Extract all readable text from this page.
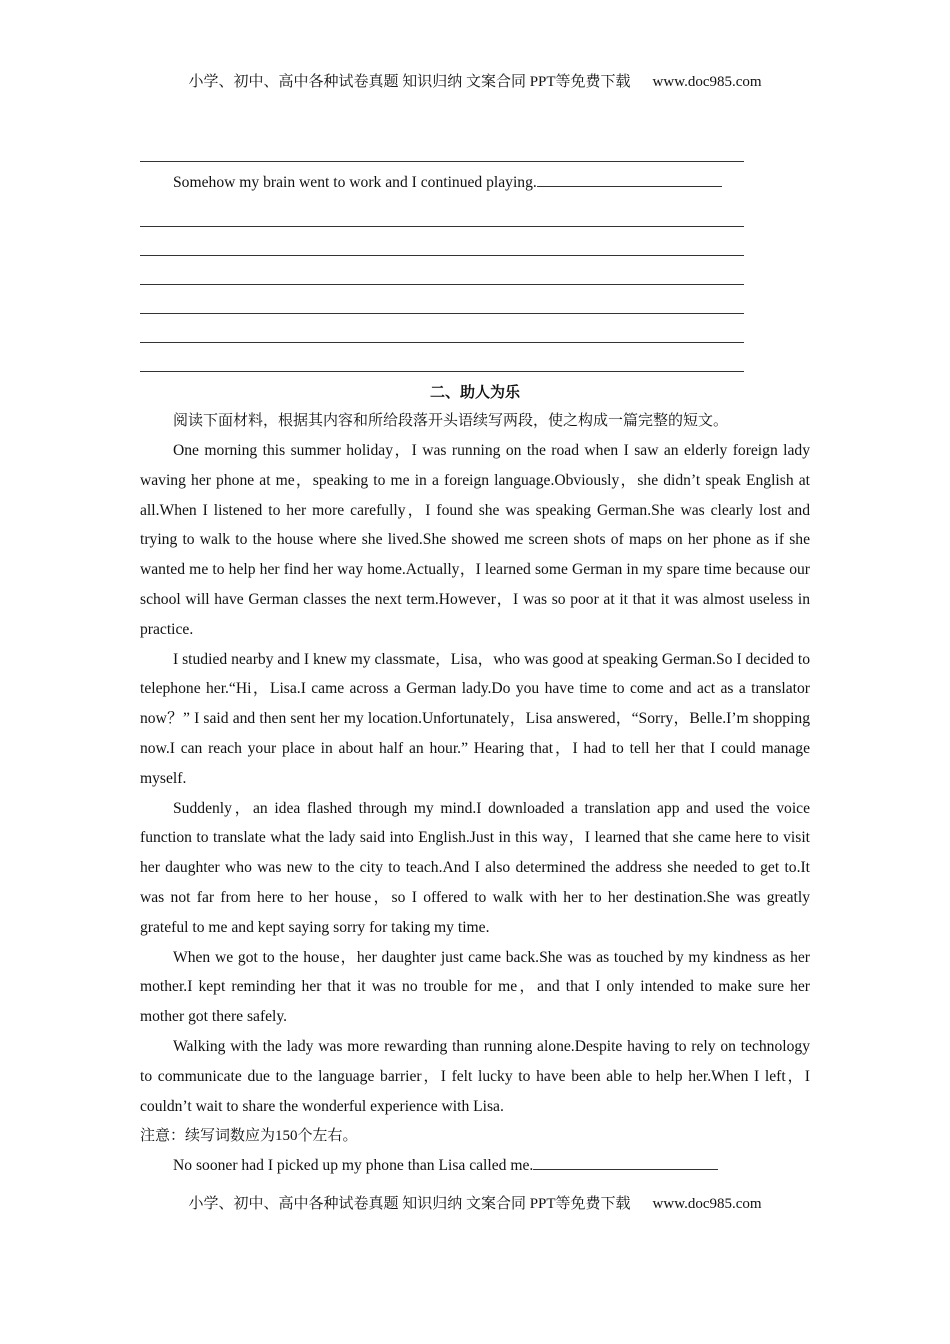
小学、初中、高中各种试卷真题 知识归纳 文案合同 PPT等免费下载 www.doc985.com

Somehow my brain went to work and I continued playing.

二、助人为乐

阅读下面材料，根据其内容和所给段落开头语续写两段，使之构成一篇完整的短文。

One morning this summer holiday，I was running on the road when I saw an elderly foreign lady waving her phone at me，speaking to me in a foreign language.Obviously，she didn’t speak English at all.When I listened to her more carefully，I found she was speaking German.She was clearly lost and trying to walk to the house where she lived.She showed me screen shots of maps on her phone as if she wanted me to help her find her way home.Actually，I learned some German in my spare time because our school will have German classes the next term.However，I was so poor at it that it was almost useless in practice.

I studied nearby and I knew my classmate，Lisa，who was good at speaking German.So I decided to telephone her.“Hi，Lisa.I came across a German lady.Do you have time to come and act as a translator now？” I said and then sent her my location.Unfortunately，Lisa answered，“Sorry，Belle.I’m shopping now.I can reach your place in about half an hour.” Hearing that，I had to tell her that I could manage myself.

Suddenly，an idea flashed through my mind.I downloaded a translation app and used the voice function to translate what the lady said into English.Just in this way，I learned that she came here to visit her daughter who was new to the city to teach.And I also determined the address she needed to get to.It was not far from here to her house，so I offered to walk with her to her destination.She was greatly grateful to me and kept saying sorry for taking my time.

When we got to the house，her daughter just came back.She was as touched by my kindness as her mother.I kept reminding her that it was no trouble for me，and that I only intended to make sure her mother got there safely.

Walking with the lady was more rewarding than running alone.Despite having to rely on technology to communicate due to the language barrier，I felt lucky to have been able to help her.When I left，I couldn’t wait to share the wonderful experience with Lisa.

注意：续写词数应为150个左右。

No sooner had I picked up my phone than Lisa called me.

小学、初中、高中各种试卷真题 知识归纳 文案合同 PPT等免费下载 www.doc985.com
